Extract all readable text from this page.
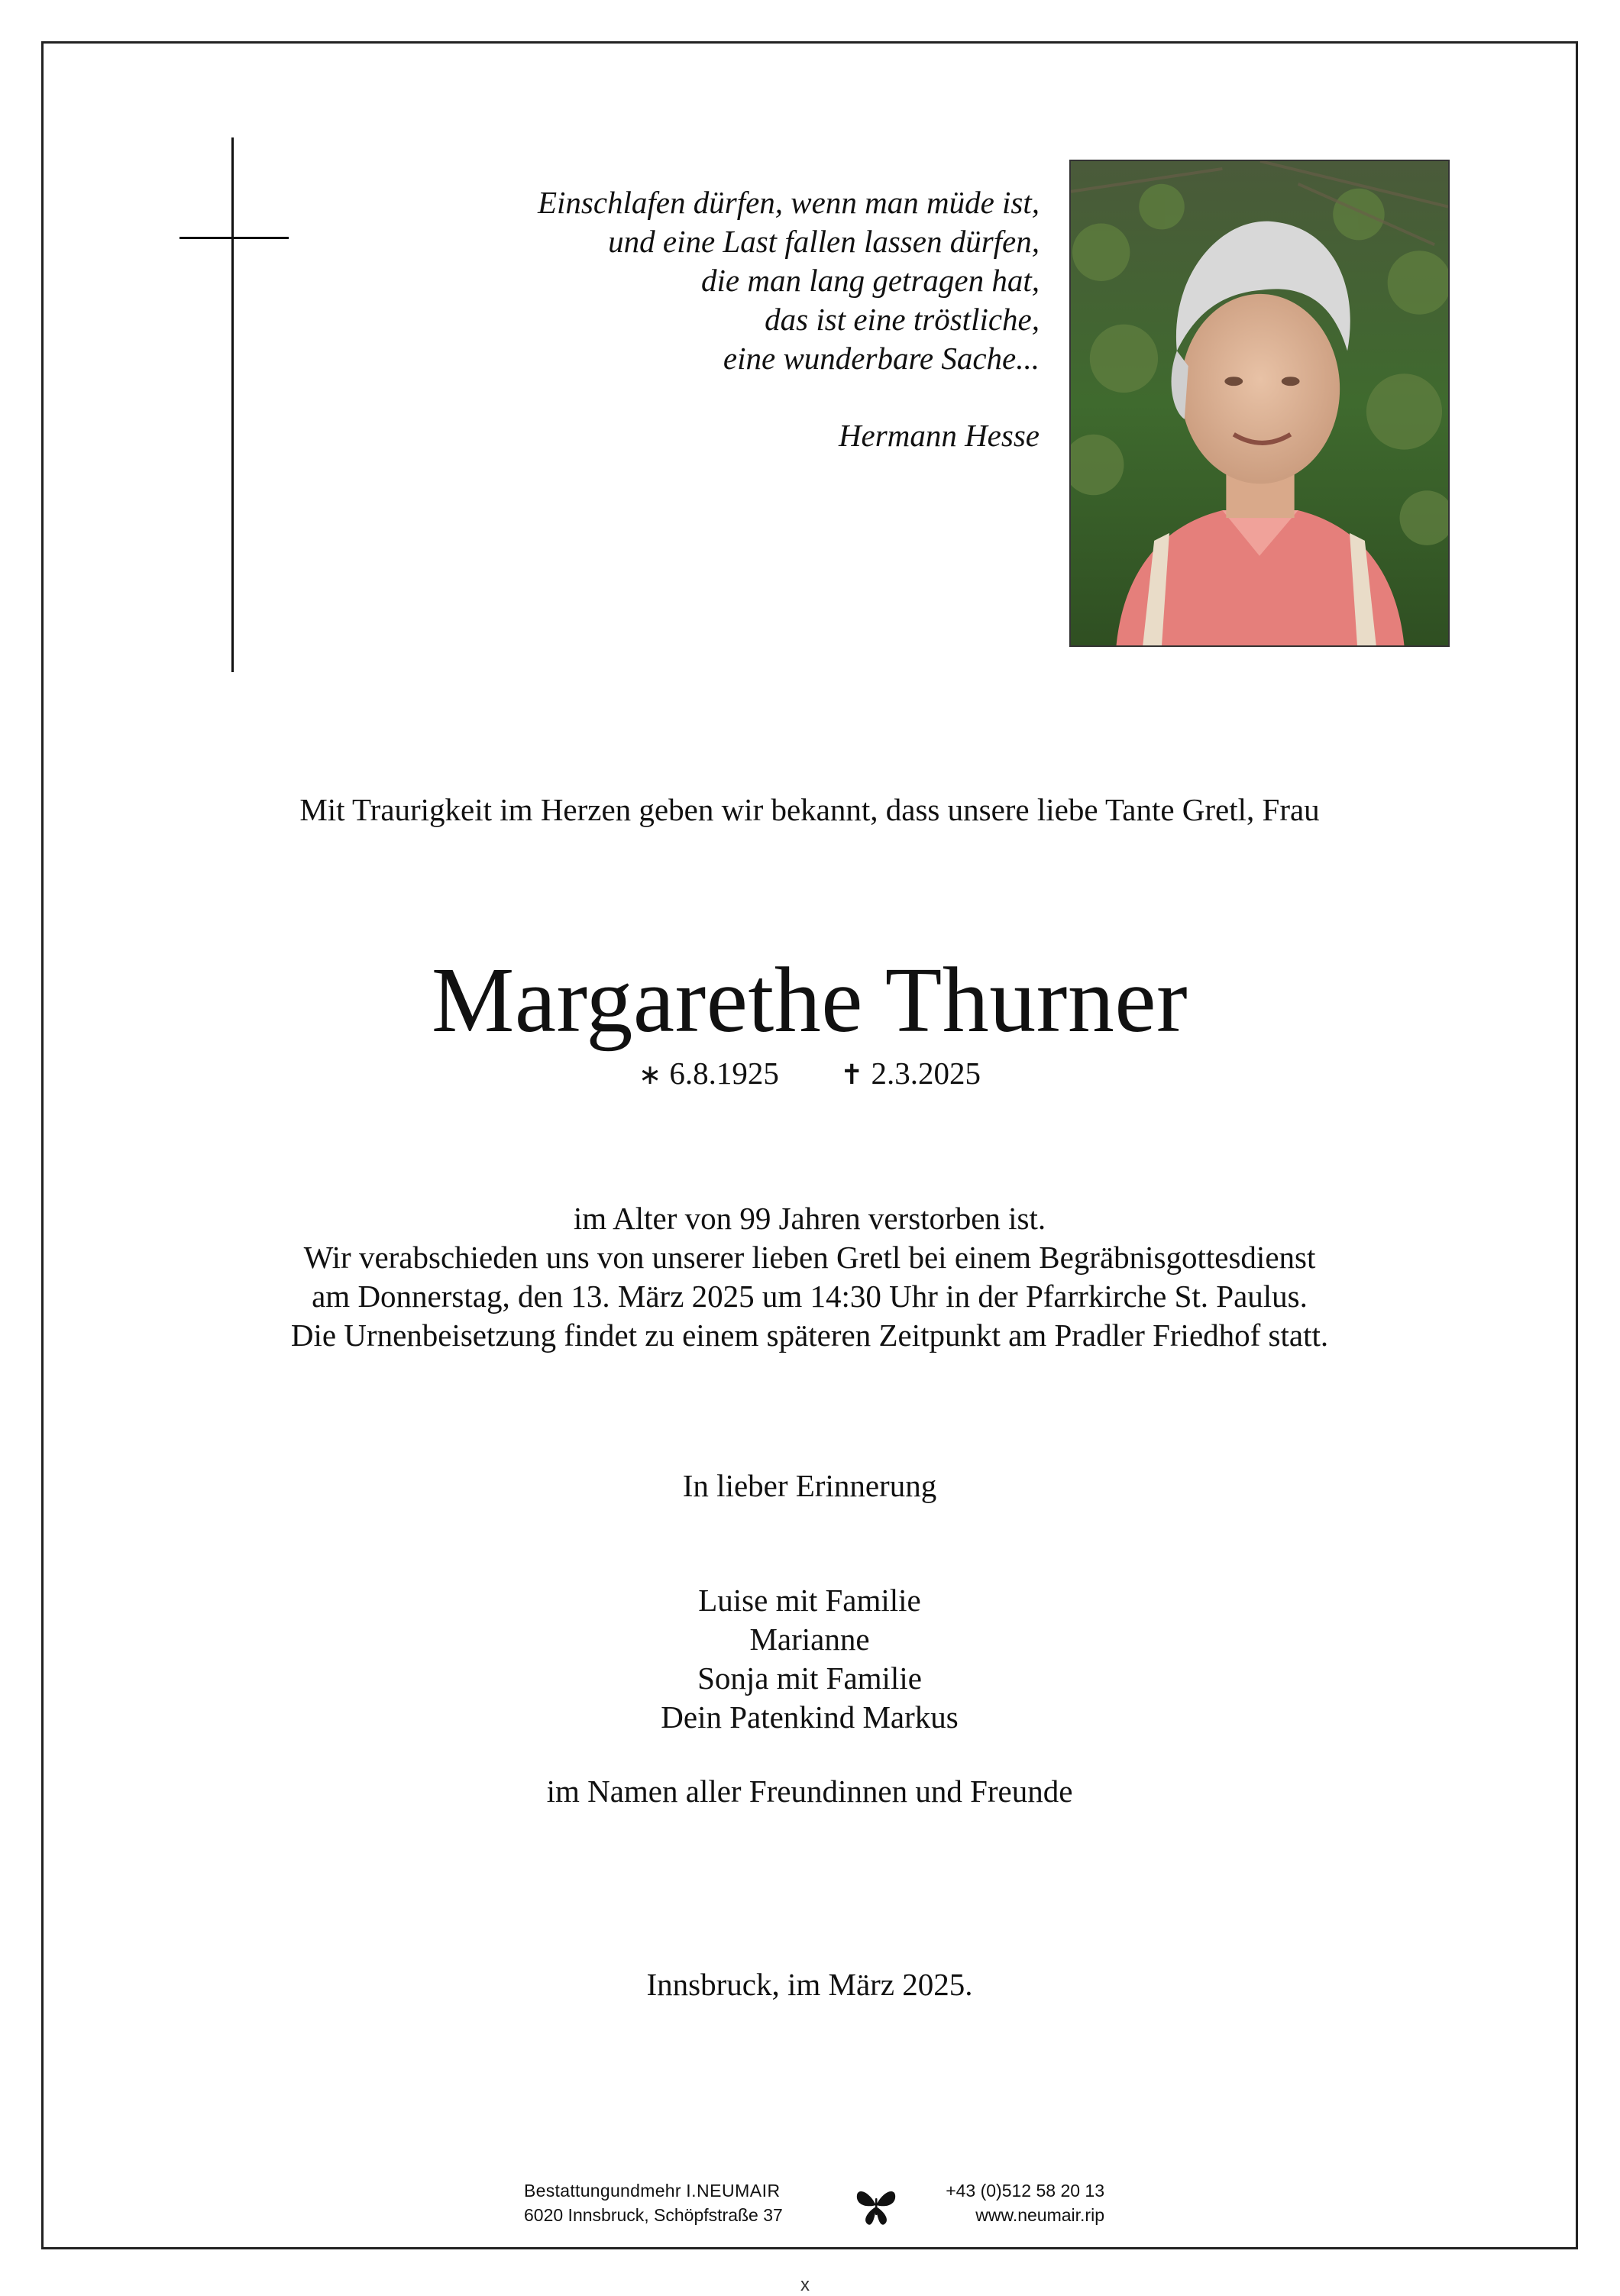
Einschlafen dürfen, wenn man müde ist,
und eine Last fallen lassen dürfen,
die man lang getragen hat,
das ist eine tröstliche,
eine wunderbare Sache...
Hermann Hesse
Mit Traurigkeit im Herzen geben wir bekannt, dass unsere liebe Tante Gretl, Frau
Margarethe Thurner
∗ 6.8.1925 ✝ 2.3.2025
im Alter von 99 Jahren verstorben ist.
Wir verabschieden uns von unserer lieben Gretl bei einem Begräbnisgottesdienst
am Donnerstag, den 13. März 2025 um 14:30 Uhr in der Pfarrkirche St. Paulus.
Die Urnenbeisetzung findet zu einem späteren Zeitpunkt am Pradler Friedhof statt.
In lieber Erinnerung
Luise mit Familie
Marianne
Sonja mit Familie
Dein Patenkind Markus
im Namen aller Freundinnen und Freunde
Innsbruck, im März 2025.
Bestattungundmehr I.NEUMAIR
6020 Innsbruck, Schöpfstraße 37
+43 (0)512 58 20 13
www.neumair.rip
x
